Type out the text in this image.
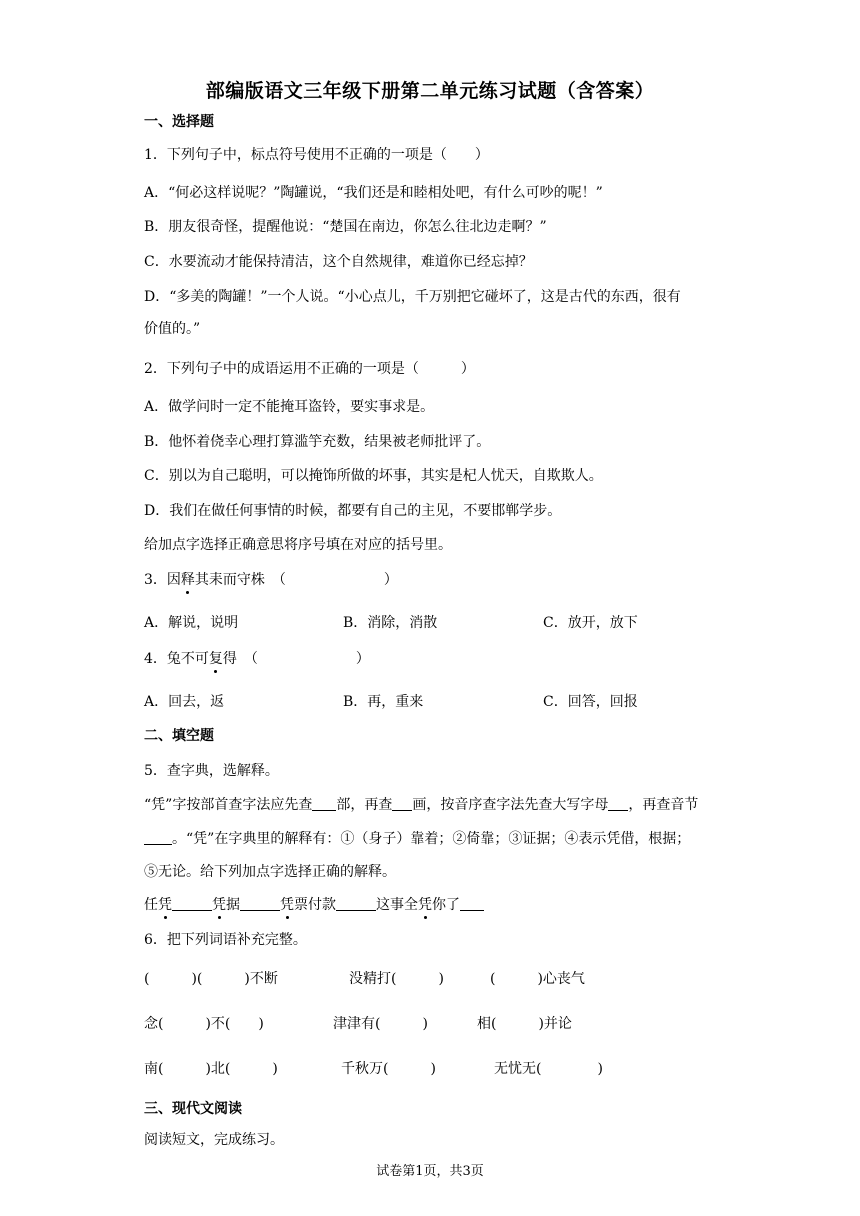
部编版语文三年级下册第二单元练习试题（含答案）
一、选择题
1．下列句子中，标点符号使用不正确的一项是（　　）
A．“何必这样说呢？”陶罐说，“我们还是和睦相处吧，有什么可吵的呢！”
B．朋友很奇怪，提醒他说：“楚国在南边，你怎么往北边走啊？”
C．水要流动才能保持清洁，这个自然规律，难道你已经忘掉？
D．“多美的陶罐！”一个人说。“小心点儿，千万别把它碰坏了，这是古代的东西，很有
价值的。”
2．下列句子中的成语运用不正确的一项是（　　　）
A．做学问时一定不能掩耳盗铃，要实事求是。
B．他怀着侥幸心理打算滥竽充数，结果被老师批评了。
C．别以为自己聪明，可以掩饰所做的坏事，其实是杞人忧天，自欺欺人。
D．我们在做任何事情的时候，都要有自己的主见，不要邯郸学步。
给加点字选择正确意思将序号填在对应的括号里。
3．因释其耒而守株　（　　　　　　　）
A．解说，说明	B．消除，消散	C．放开，放下
4．兔不可复得　（　　　　　　　）
A．回去，返	B．再，重来	C．回答，回报
二、填空题
5．查字典，选解释。
“凭”字按部首查字法应先查 部，再查 画，按音序查字法先查大写字母 ，再查音节
。“凭”在字典里的解释有：①（身子）靠着；②倚靠；③证据；④表示凭借，根据；
⑤无论。给下列加点字选择正确的解释。
任凭	凭据	凭票付款	这事全凭你了
6．把下列词语补充完整。
(　　　)(　　　)不断	没精打(　　　)	(　　　)心丧气
念(　　　)不(　　)	津津有(　　　)	相(　　　)并论
南(　　　)北(　　　)	千秋万(　　　)	无忧无(　　　　)
三、现代文阅读
阅读短文，完成练习。
试卷第1页，共3页
